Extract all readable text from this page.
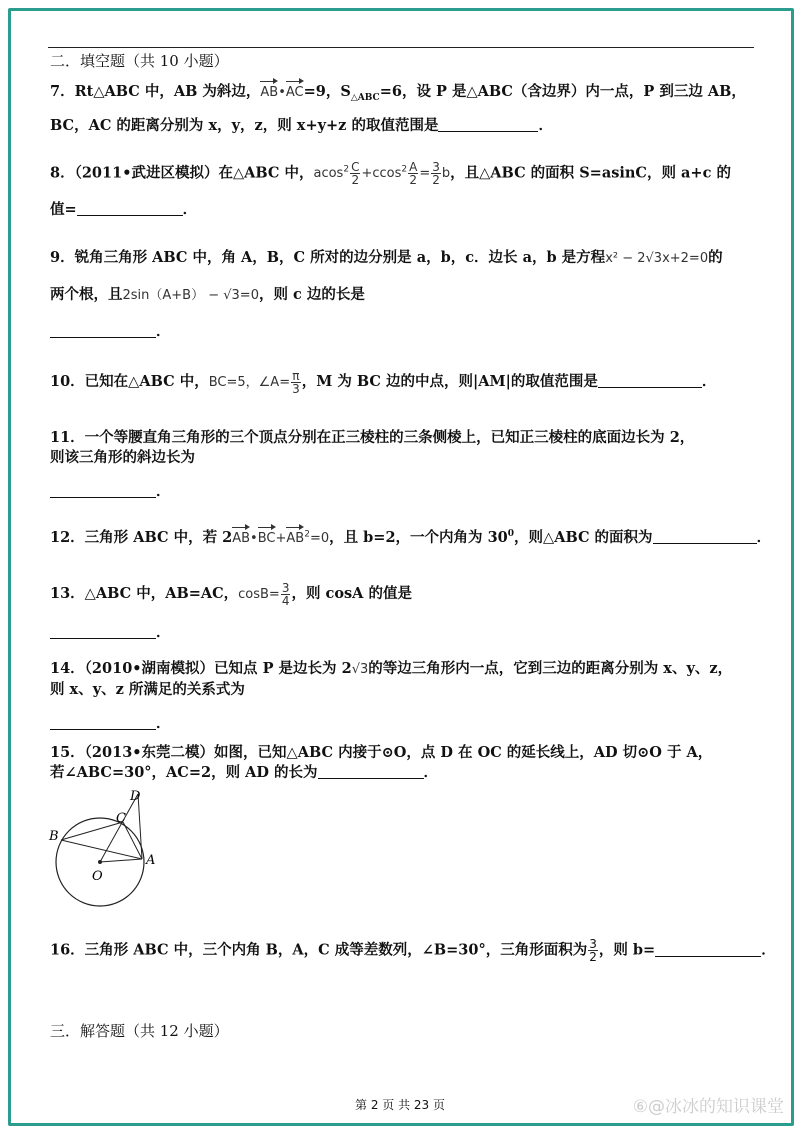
二．填空题（共 10 小题）
7．Rt△ABC 中，AB 为斜边，AB•AC=9，$S_{\triangle ABC}=6$，设 P 是△ABC（含边界）内一点，P 到三边 AB，
BC，AC 的距离分别为 x，y，z，则 x+y+z 的取值范围是	．
8．（2011•武进区模拟）在△ABC 中，$acos^2 \frac{C}{2} +ccos^2 \frac{A}{2} = \frac{3}{2}$ b，且△ABC 的面积 S=asinC，则 a+c 的
值=	．
9．锐角三角形 ABC 中，角 A，B，C 所对的边分别是 a，b，c．边长 a，b 是方程x² − 2√3x+2=0的
两个根，且2sin（A+B） − √3=0，则 c 边的长是
．
10．已知在△ABC 中，BC=5，∠A= $\frac{\pi}{3}$ ，M 为 BC 边的中点，则|AM|的取值范围是	．
11．一个等腰直角三角形的三个顶点分别在正三棱柱的三条侧棱上，已知正三棱柱的底面边长为 2，
则该三角形的斜边长为
．
12．三角形 ABC 中，若 $2AB•BC+AB^2=0$，且 b=2，一个内角为 $30^0$，则△ABC 的面积为	．
13．△ABC 中，AB=AC，$\cos B= \frac{3}{4}$ ，则 cosA 的值是
．
14．（2010•湖南模拟）已知点 P 是边长为 2√3的等边三角形内一点，它到三边的距离分别为 x、y、z，
则 x、y、z 所满足的关系式为
．
15．（2013•东莞二模）如图，已知△ABC 内接于⊙O，点 D 在 OC 的延长线上，AD 切⊙O 于 A，
若∠ABC=30°，AC=2，则 AD 的长为	．
D
C
B
O
A
16．三角形 ABC 中，三个内角 B，A，C 成等差数列，∠B=30°，三角形面积为 $\frac{3}{2}$ ，则 b=	．
三．解答题（共 12 小题）
第 2 页 共 23 页	⑥@冰冰的知识课堂
